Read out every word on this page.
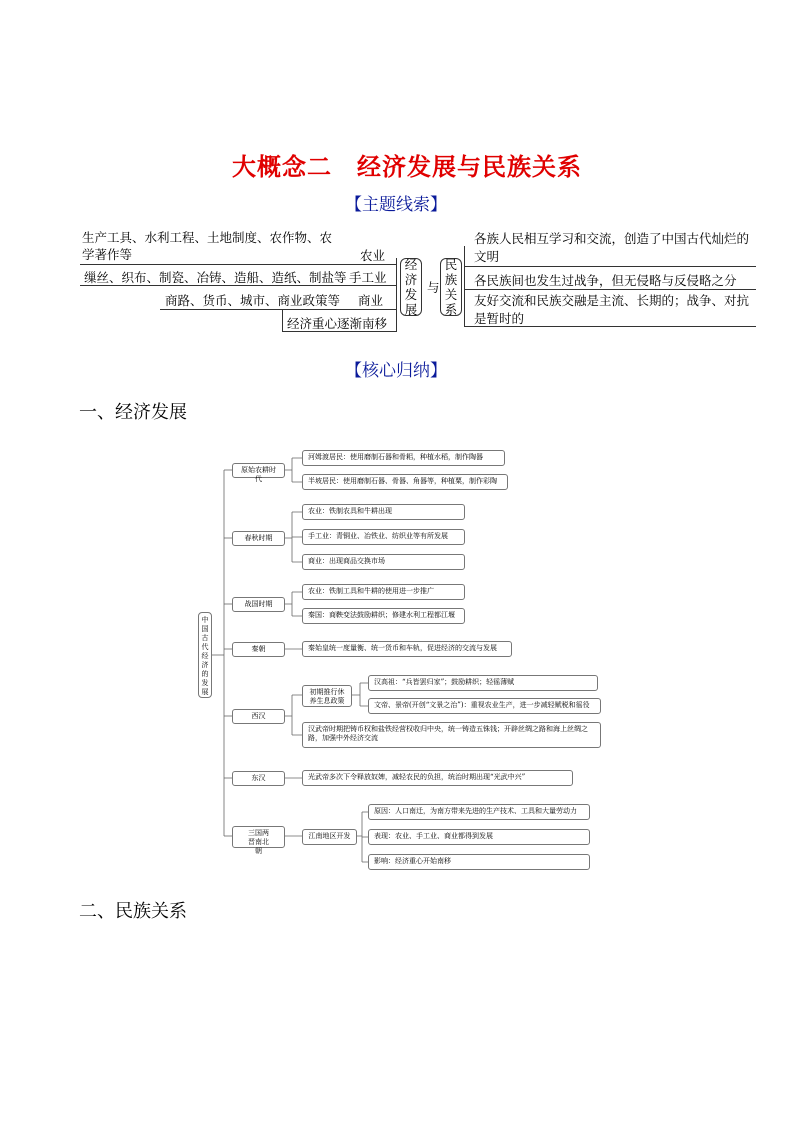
大概念二　经济发展与民族关系
【主题线索】
生产工具、水利工程、土地制度、农作物、农学著作等	农业
缫丝、织布、制瓷、冶铸、造船、造纸、制盐等 手工业
商路、货币、城市、商业政策等 商业
经济重心逐渐南移
经
济
发
展
与
民
族
关
系
各族人民相互学习和交流，创造了中国古代灿烂的文明
各民族间也发生过战争，但无侵略与反侵略之分
友好交流和民族交融是主流、长期的；战争、对抗是暂时的
【核心归纳】
一、经济发展
中国古代经济的发展
原始农耕时代
河姆渡居民：使用磨制石器和骨耜，种植水稻，制作陶器
半坡居民：使用磨制石器、骨器、角器等，种植粟，制作彩陶
春秋时期
农业：铁制农具和牛耕出现
手工业：青铜业、冶铁业、纺织业等有所发展
商业：出现商品交换市场
战国时期
农业：铁制工具和牛耕的使用进一步推广
秦国：商鞅变法鼓励耕织；修建水利工程都江堰
秦朝	秦始皇统一度量衡、统一货币和车轨，促进经济的交流与发展
西汉
初期推行休养生息政策
汉高祖：“兵皆罢归家”；鼓励耕织；轻徭薄赋
文帝、景帝(开创“文景之治”)：重视农业生产，进一步减轻赋税和徭役
汉武帝时期把铸币权和盐铁经营权收归中央，统一铸造五铢钱；开辟丝绸之路和海上丝绸之路，加强中外经济交流
东汉	光武帝多次下令释放奴婢，减轻农民的负担，统治时期出现“光武中兴”
三国两晋南北朝
江南地区开发
原因：人口南迁，为南方带来先进的生产技术、工具和大量劳动力
表现：农业、手工业、商业都得到发展
影响：经济重心开始南移
二、民族关系
